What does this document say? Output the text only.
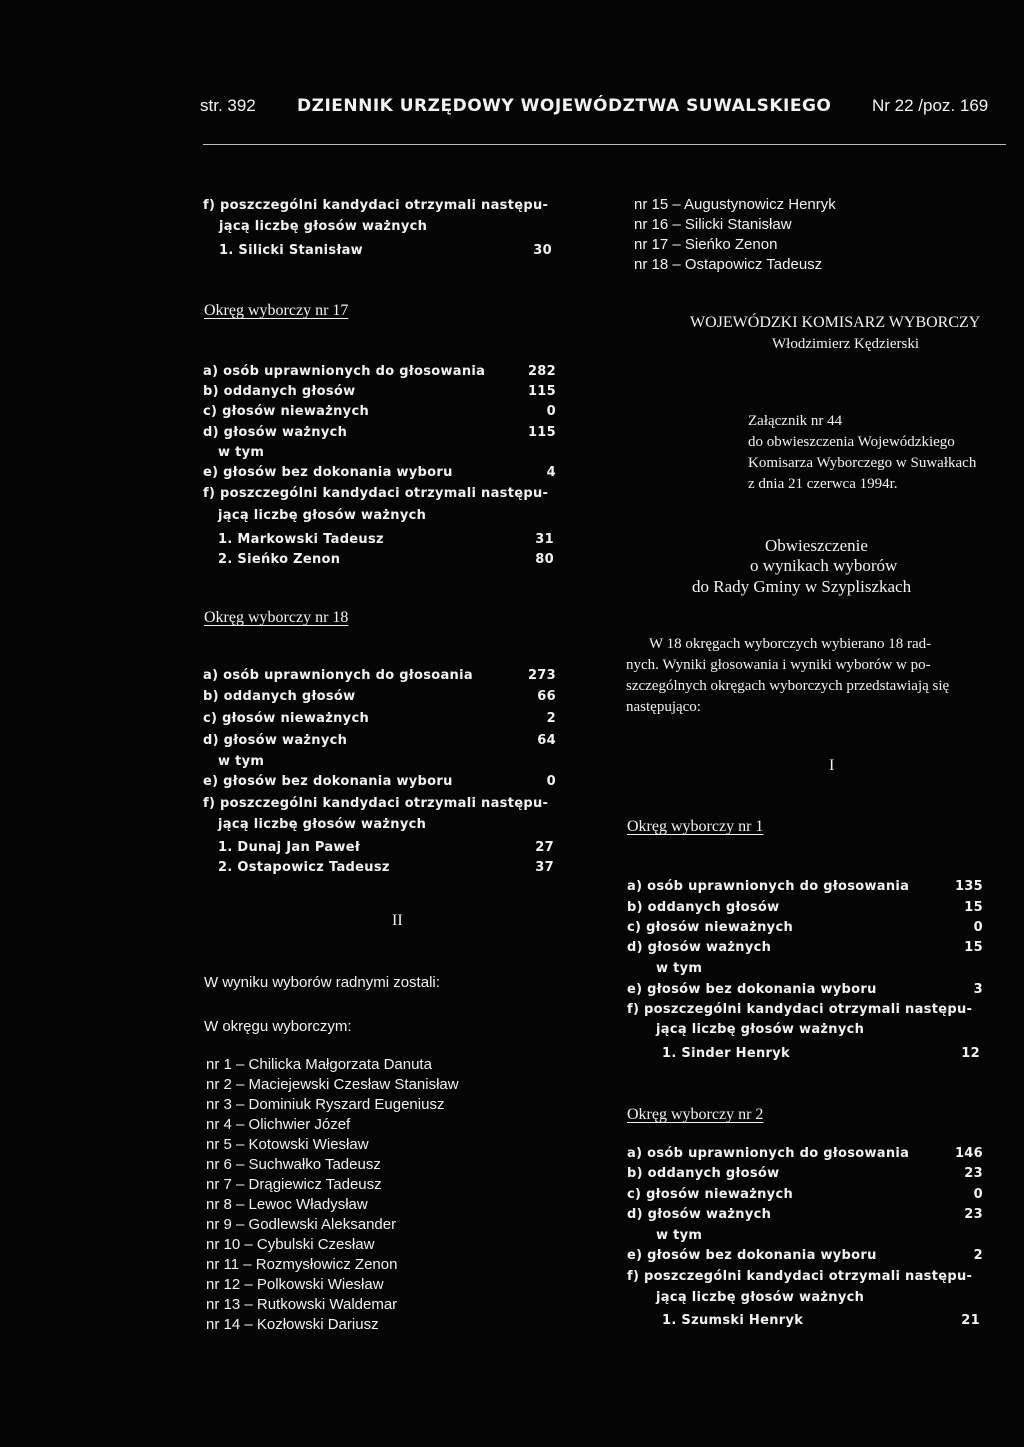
str. 392 DZIENNIK URZĘDOWY WOJEWÓDZTWA SUWALSKIEGO Nr 22 /poz. 169
f) poszczególni kandydaci otrzymali następu-
jącą liczbę głosów ważnych
1. Silicki Stanisław	30
nr 15 – Augustynowicz Henryk
nr 16 – Silicki Stanisław
nr 17 – Sieńko Zenon
nr 18 – Ostapowicz Tadeusz
WOJEWÓDZKI KOMISARZ WYBORCZY
Włodzimierz Kędzierski
Okręg wyborczy nr 17
a) osób uprawnionych do głosowania	282
b) oddanych głosów	115
c) głosów nieważnych	0
d) głosów ważnych	115
w tym
e) głosów bez dokonania wyboru	4
f) poszczególni kandydaci otrzymali następu-
jącą liczbę głosów ważnych
1. Markowski Tadeusz	31
2. Sieńko Zenon	80
Okręg wyborczy nr 18
a) osób uprawnionych do głosoania	273
b) oddanych głosów	66
c) głosów nieważnych	2
d) głosów ważnych	64
w tym
e) głosów bez dokonania wyboru	0
f) poszczególni kandydaci otrzymali następu-
jącą liczbę głosów ważnych
1. Dunaj Jan Paweł	27
2. Ostapowicz Tadeusz	37
II
W wyniku wyborów radnymi zostali:
W okręgu wyborczym:
nr 1 – Chilicka Małgorzata Danuta
nr 2 – Maciejewski Czesław Stanisław
nr 3 – Dominiuk Ryszard Eugeniusz
nr 4 – Olichwier Józef
nr 5 – Kotowski Wiesław
nr 6 – Suchwałko Tadeusz
nr 7 – Drągiewicz Tadeusz
nr 8 – Lewoc Władysław
nr 9 – Godlewski Aleksander
nr 10 – Cybulski Czesław
nr 11 – Rozmysłowicz Zenon
nr 12 – Polkowski Wiesław
nr 13 – Rutkowski Waldemar
nr 14 – Kozłowski Dariusz
Załącznik nr 44
do obwieszczenia Wojewódzkiego
Komisarza Wyborczego w Suwałkach
z dnia 21 czerwca 1994r.
Obwieszczenie
o wynikach wyborów
do Rady Gminy w Szypliszkach
W 18 okręgach wyborczych wybierano 18 rad-
nych. Wyniki głosowania i wyniki wyborów w po-
szczególnych okręgach wyborczych przedstawiają się
następująco:
I
Okręg wyborczy nr 1
a) osób uprawnionych do głosowania	135
b) oddanych głosów	15
c) głosów nieważnych	0
d) głosów ważnych	15
w tym
e) głosów bez dokonania wyboru	3
f) poszczególni kandydaci otrzymali następu-
jącą liczbę głosów ważnych
1. Sinder Henryk	12
Okręg wyborczy nr 2
a) osób uprawnionych do głosowania	146
b) oddanych głosów	23
c) głosów nieważnych	0
d) głosów ważnych	23
w tym
e) głosów bez dokonania wyboru	2
f) poszczególni kandydaci otrzymali następu-
jącą liczbę głosów ważnych
1. Szumski Henryk	21
